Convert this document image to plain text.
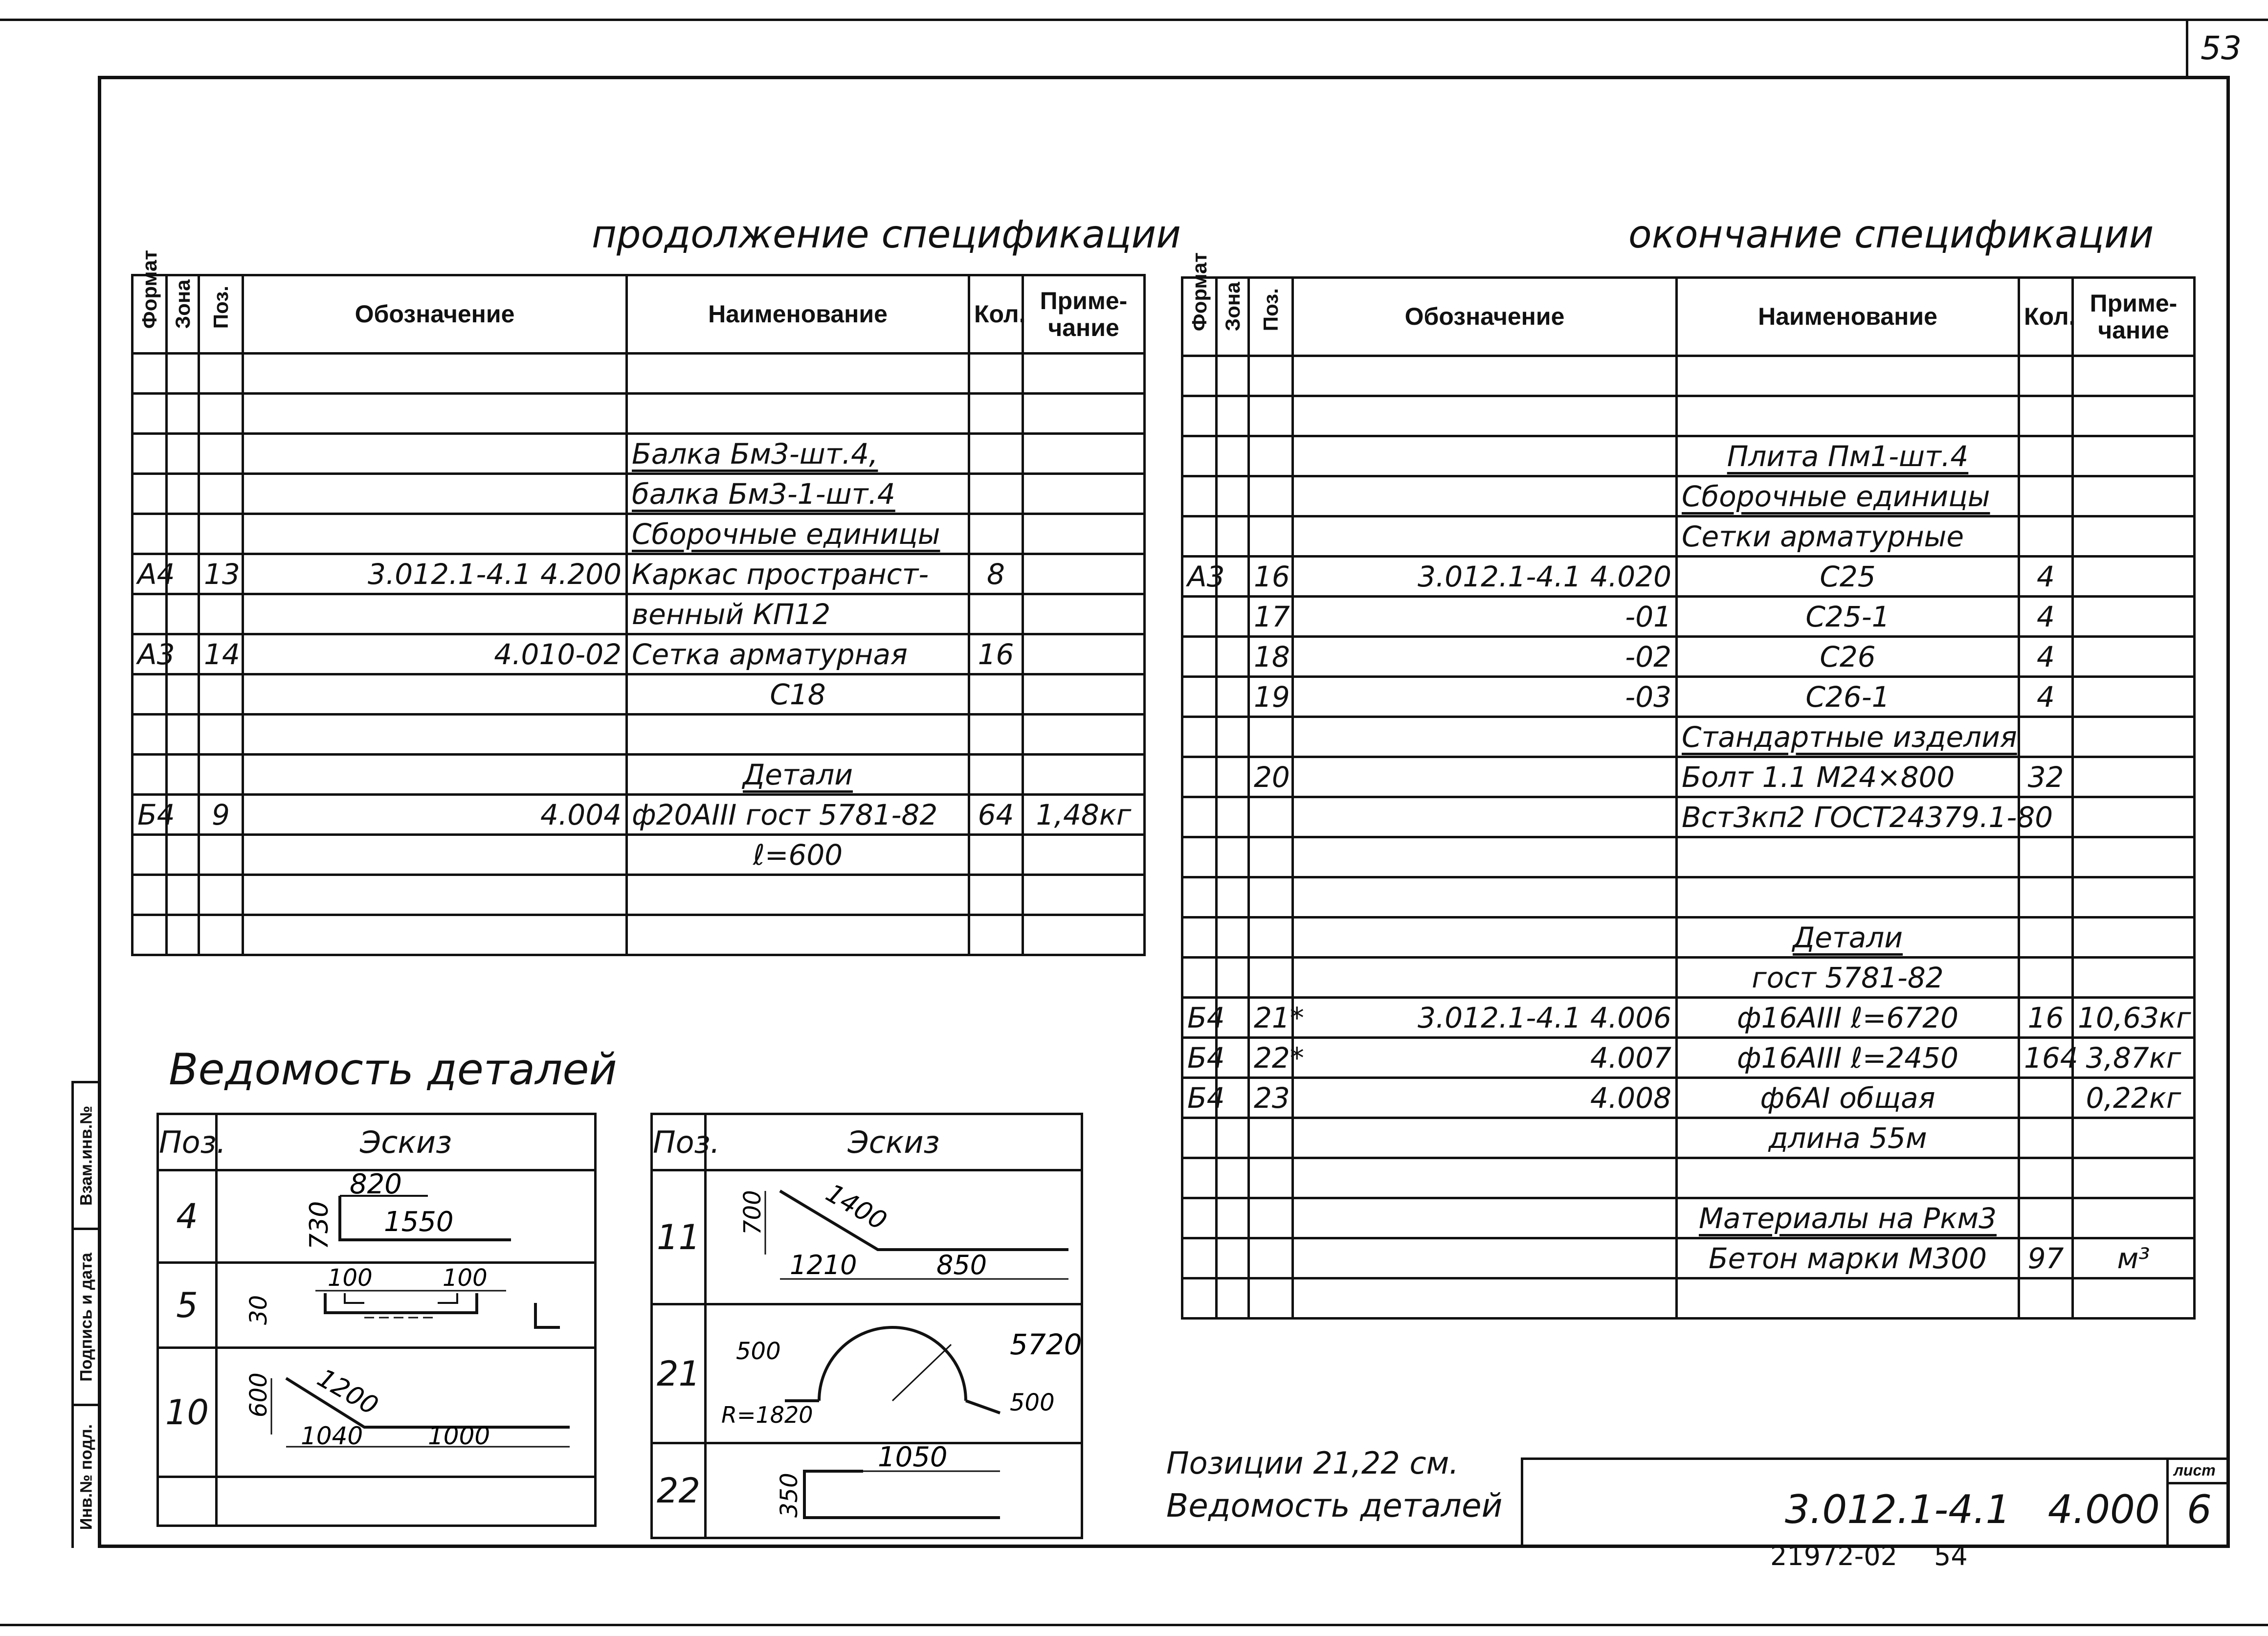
53
Инв.№ подл.
Подпись и дата
Взам.инв.№
продолжение спецификации	окончание спецификации
Формат	Зона	Поз.	Обозначение	Наименование	Кол.	Приме-чание

				Балка Бм3-шт.4,		
				балка Бм3-1-шт.4		
				Сборочные единицы		
А4		13	3.012.1-4.1 4.200	Каркас пространст-	8	
				венный КП12		
А3		14	4.010-02	Сетка арматурная	16	
				С18		

				Детали		
Б4		9	4.004	ф20АIII гост 5781-82	64	1,48кг
				ℓ=600		

Формат	Зона	Поз.	Обозначение	Наименование	Кол.	Приме-чание

				Плита Пм1-шт.4		
				Сборочные единицы		
				Сетки арматурные		
А3		16	3.012.1-4.1 4.020	С25	4	
		17	-01	С25-1	4	
		18	-02	С26	4	
		19	-03	С26-1	4	
				Стандартные изделия		
		20		Болт 1.1 М24×800	32	
				Вст3кп2 ГОСТ24379.1-80		

				Детали		
				гост 5781-82		
Б4		21*	3.012.1-4.1 4.006	ф16АIII ℓ=6720	16	10,63кг
Б4		22*	4.007	ф16АIII ℓ=2450	164	3,87кг
Б4		23	4.008	ф6АI общая		0,22кг
				длина 55м		

				Материалы на Ркм3		
				Бетон марки М300	97	м³

Ведомость деталей
Поз.	Эскиз
4	820
730 1550

5	100 100
30

10	1200
600
1040 1000

Поз.	Эскиз
11	1400
700
1210 850

21	500 5720
500
R=1820

22	1050
350
Позиции 21,22 см.
Ведомость деталей
лист
6
3.012.1-4.1   4.000
21972-02 54
